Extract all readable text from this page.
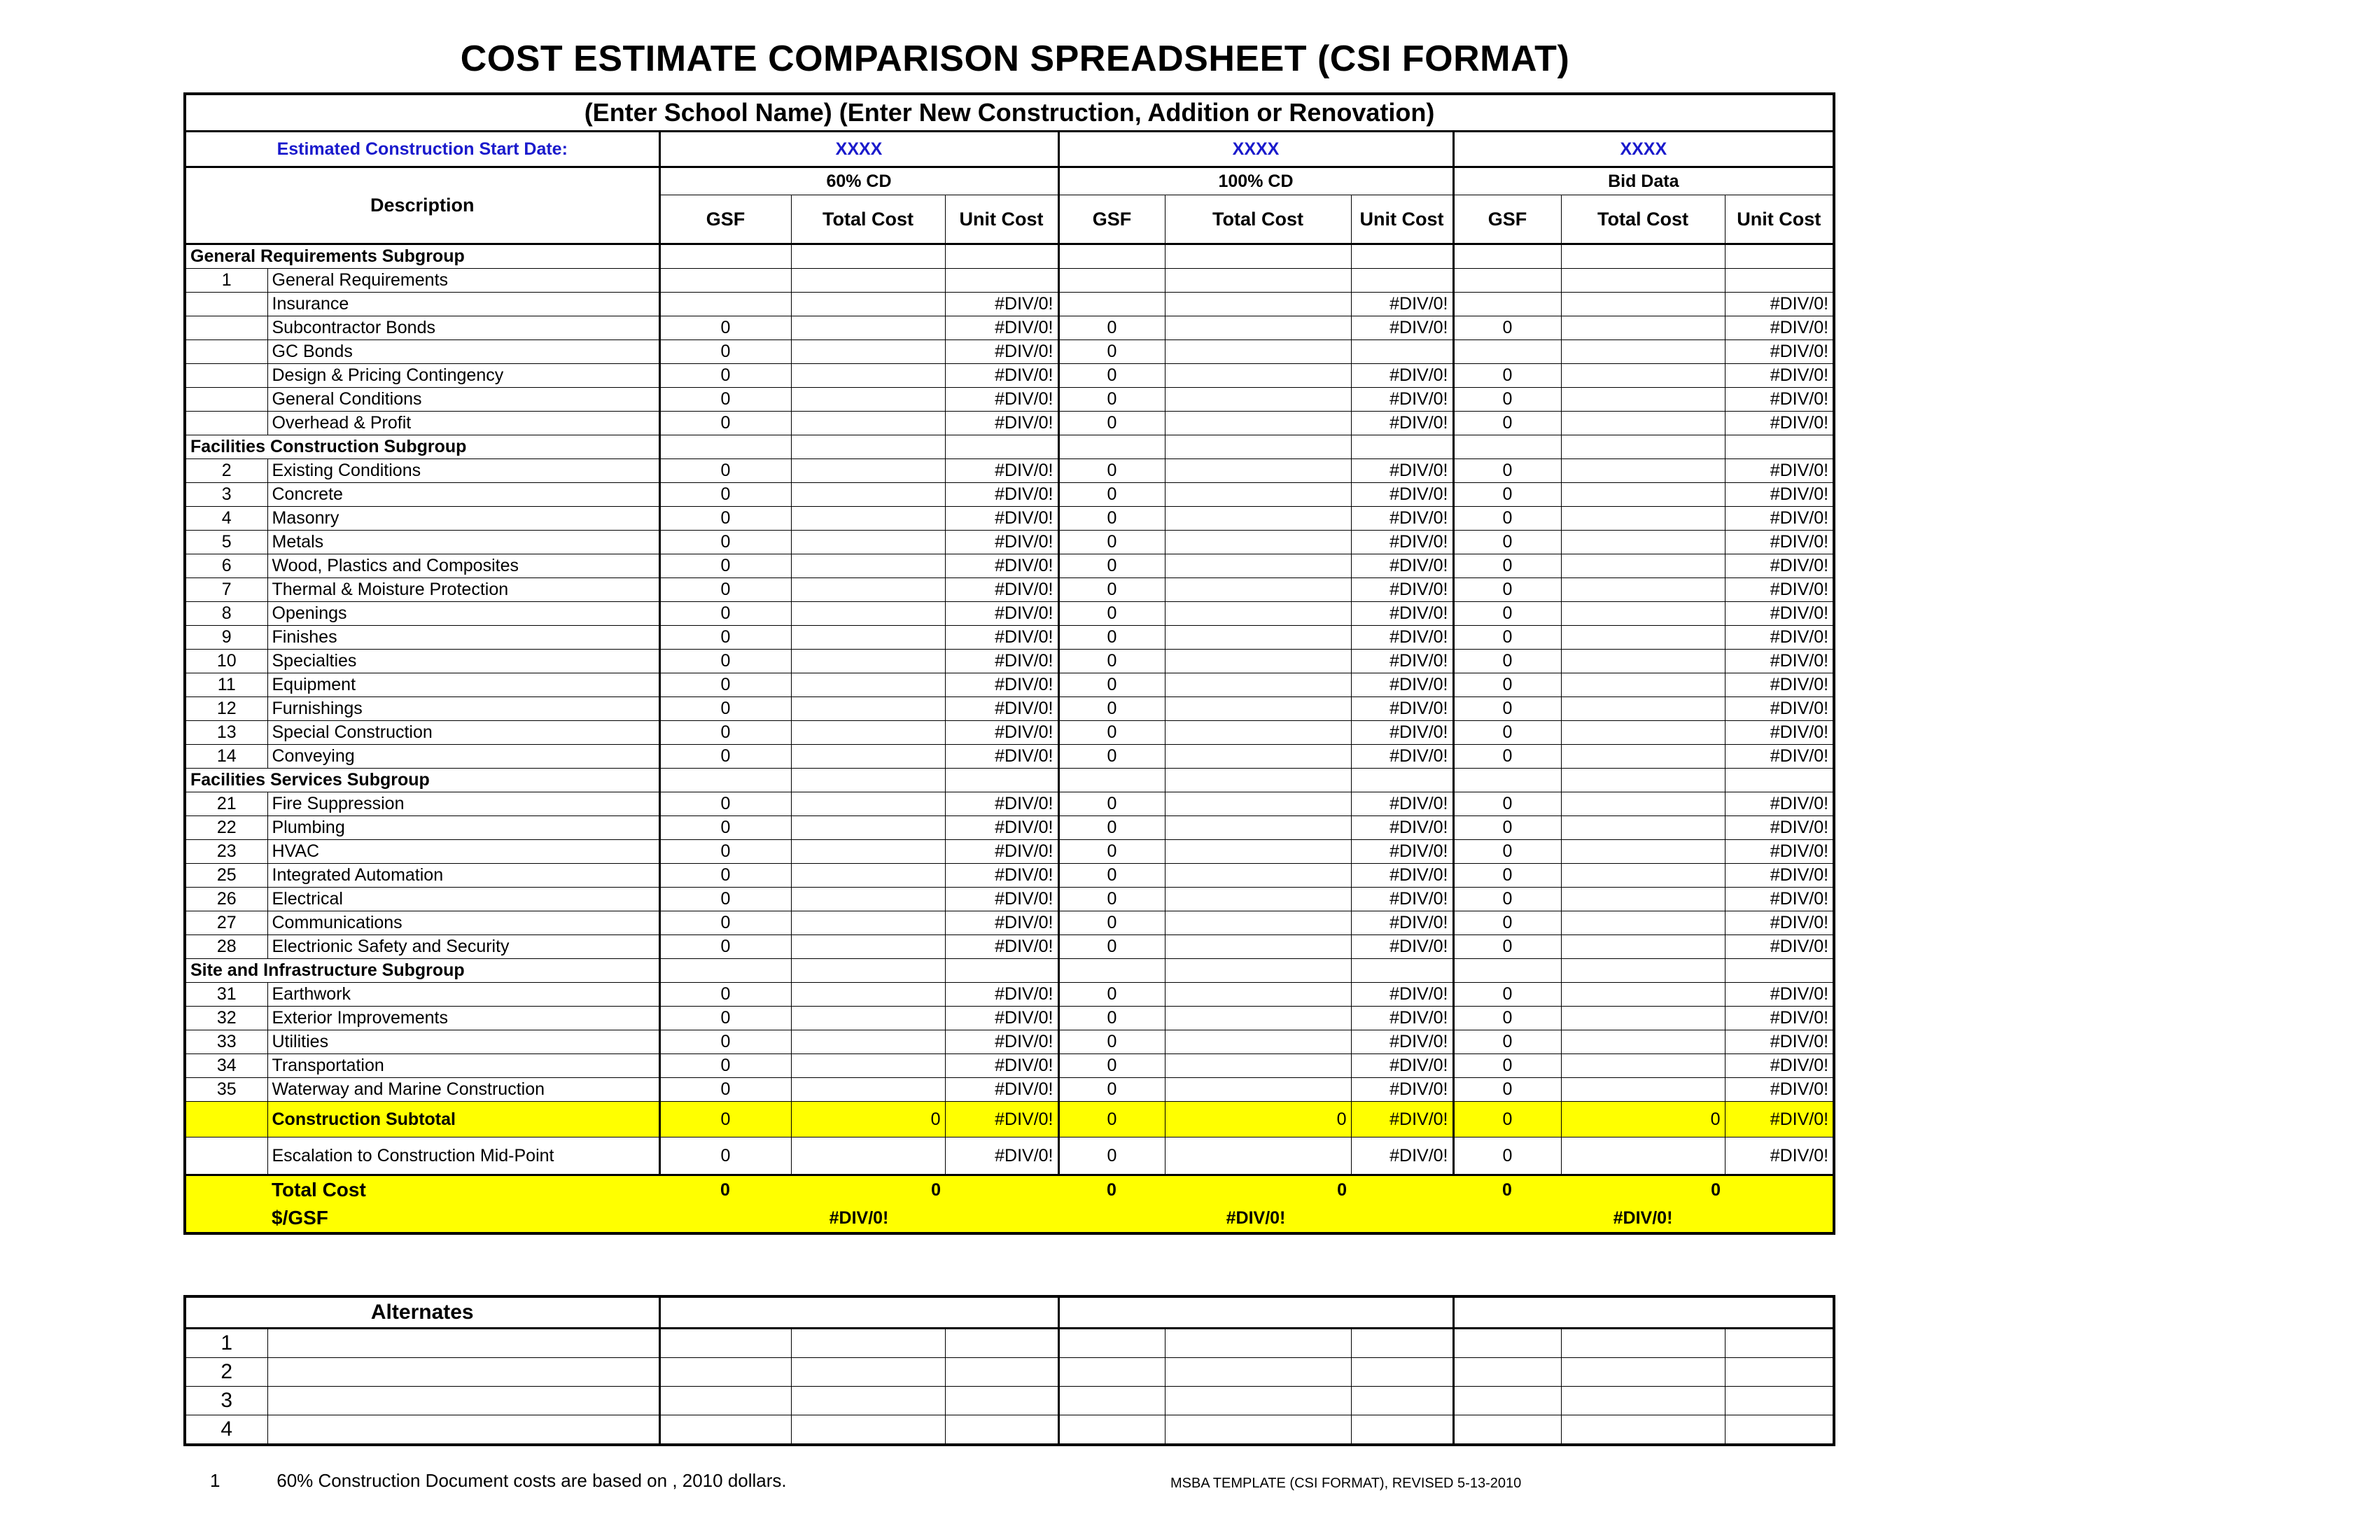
COST ESTIMATE COMPARISON SPREADSHEET (CSI FORMAT)
(Enter School Name) (Enter New Construction, Addition or Renovation)										
Estimated Construction Start Date:		XXXX			XXXX			XXXX		
Description		60% CD			100% CD			Bid Data		
		GSF	Total Cost	Unit Cost	GSF	Total Cost	Unit Cost	GSF	Total Cost	Unit Cost
General Requirements Subgroup										
1	General Requirements									
	Insurance			#DIV/0!			#DIV/0!			#DIV/0!
	Subcontractor Bonds	0		#DIV/0!	0		#DIV/0!	0		#DIV/0!
	GC Bonds	0		#DIV/0!	0					#DIV/0!
	Design & Pricing Contingency	0		#DIV/0!	0		#DIV/0!	0		#DIV/0!
	General Conditions	0		#DIV/0!	0		#DIV/0!	0		#DIV/0!
	Overhead & Profit	0		#DIV/0!	0		#DIV/0!	0		#DIV/0!
Facilities Construction Subgroup										
2	Existing Conditions	0		#DIV/0!	0		#DIV/0!	0		#DIV/0!
3	Concrete	0		#DIV/0!	0		#DIV/0!	0		#DIV/0!
4	Masonry	0		#DIV/0!	0		#DIV/0!	0		#DIV/0!
5	Metals	0		#DIV/0!	0		#DIV/0!	0		#DIV/0!
6	Wood, Plastics and Composites	0		#DIV/0!	0		#DIV/0!	0		#DIV/0!
7	Thermal & Moisture Protection	0		#DIV/0!	0		#DIV/0!	0		#DIV/0!
8	Openings	0		#DIV/0!	0		#DIV/0!	0		#DIV/0!
9	Finishes	0		#DIV/0!	0		#DIV/0!	0		#DIV/0!
10	Specialties	0		#DIV/0!	0		#DIV/0!	0		#DIV/0!
11	Equipment	0		#DIV/0!	0		#DIV/0!	0		#DIV/0!
12	Furnishings	0		#DIV/0!	0		#DIV/0!	0		#DIV/0!
13	Special Construction	0		#DIV/0!	0		#DIV/0!	0		#DIV/0!
14	Conveying	0		#DIV/0!	0		#DIV/0!	0		#DIV/0!
Facilities Services Subgroup										
21	Fire Suppression	0		#DIV/0!	0		#DIV/0!	0		#DIV/0!
22	Plumbing	0		#DIV/0!	0		#DIV/0!	0		#DIV/0!
23	HVAC	0		#DIV/0!	0		#DIV/0!	0		#DIV/0!
25	Integrated Automation	0		#DIV/0!	0		#DIV/0!	0		#DIV/0!
26	Electrical	0		#DIV/0!	0		#DIV/0!	0		#DIV/0!
27	Communications	0		#DIV/0!	0		#DIV/0!	0		#DIV/0!
28	Electrionic Safety and Security	0		#DIV/0!	0		#DIV/0!	0		#DIV/0!
Site and Infrastructure Subgroup										
31	Earthwork	0		#DIV/0!	0		#DIV/0!	0		#DIV/0!
32	Exterior Improvements	0		#DIV/0!	0		#DIV/0!	0		#DIV/0!
33	Utilities	0		#DIV/0!	0		#DIV/0!	0		#DIV/0!
34	Transportation	0		#DIV/0!	0		#DIV/0!	0		#DIV/0!
35	Waterway and Marine Construction	0		#DIV/0!	0		#DIV/0!	0		#DIV/0!
	Construction Subtotal	0	0	#DIV/0!	0	0	#DIV/0!	0	0	#DIV/0!
	Escalation to Construction Mid-Point	0		#DIV/0!	0		#DIV/0!	0		#DIV/0!
	Total Cost	0	0		0	0		0	0	
	$/GSF	#DIV/0!			#DIV/0!			#DIV/0!		
Alternates										
1										
2										
3										
4										
1	60% Construction Document costs are based on , 2010 dollars.	MSBA TEMPLATE (CSI FORMAT), REVISED 5-13-2010
